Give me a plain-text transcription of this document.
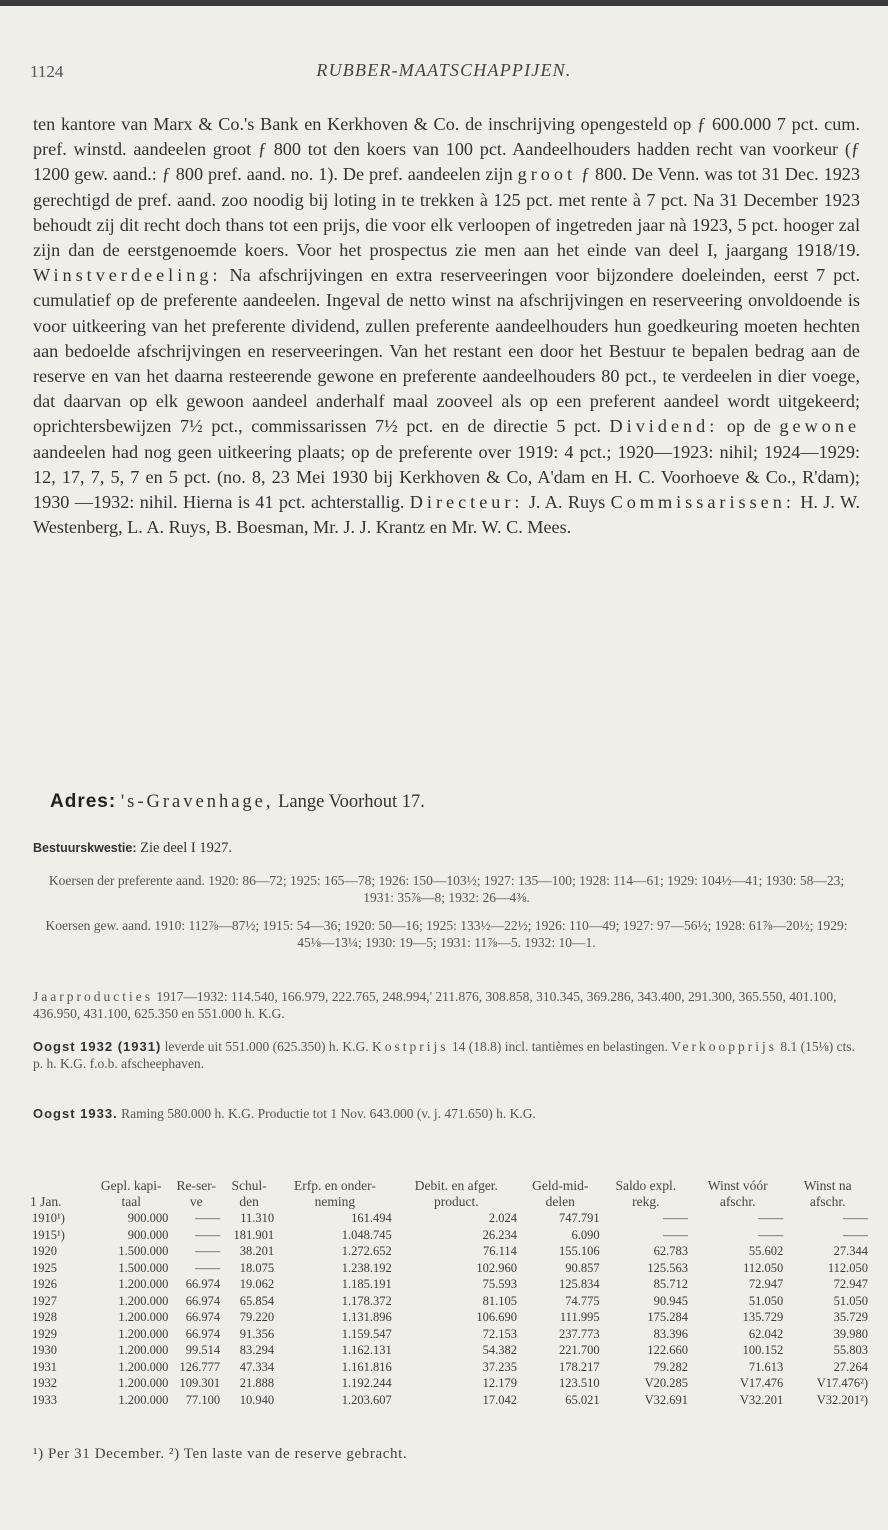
1124	RUBBER-MAATSCHAPPIJEN.

ten kantore van Marx & Co.'s Bank en Kerkhoven & Co. de inschrijving opengesteld op ƒ 600.000 7 pct. cum. pref. winstd. aandeelen groot ƒ 800 tot den koers van 100 pct. Aandeelhouders hadden recht van voorkeur (ƒ 1200 gew. aand.: ƒ 800 pref. aand. no. 1). De pref. aandeelen zijn groot ƒ 800. De Venn. was tot 31 Dec. 1923 gerechtigd de pref. aand. zoo noodig bij loting in te trekken à 125 pct. met rente à 7 pct. Na 31 December 1923 behoudt zij dit recht doch thans tot een prijs, die voor elk verloopen of ingetreden jaar nà 1923, 5 pct. hooger zal zijn dan de eerstgenoemde koers. Voor het prospectus zie men aan het einde van deel I, jaargang 1918/19. Winstverdeeling: Na afschrijvingen en extra reserveeringen voor bijzondere doeleinden, eerst 7 pct. cumulatief op de preferente aandeelen. Ingeval de netto winst na afschrijvingen en reserveering onvoldoende is voor uitkeering van het preferente dividend, zullen preferente aandeelhouders hun goedkeuring moeten hechten aan bedoelde afschrijvingen en reserveeringen. Van het restant een door het Bestuur te bepalen bedrag aan de reserve en van het daarna resteerende gewone en preferente aandeelhouders 80 pct., te verdeelen in dier voege, dat daarvan op elk gewoon aandeel anderhalf maal zooveel als op een preferent aandeel wordt uitgekeerd; oprichtersbewijzen 7½ pct., commissarissen 7½ pct. en de directie 5 pct. Dividend: op de gewone aandeelen had nog geen uitkeering plaats; op de preferente over 1919: 4 pct.; 1920—1923: nihil; 1924—1929: 12, 17, 7, 5, 7 en 5 pct. (no. 8, 23 Mei 1930 bij Kerkhoven & Co, A'dam en H. C. Voorhoeve & Co., R'dam); 1930 —1932: nihil. Hierna is 41 pct. achterstallig. Directeur: J. A. Ruys Commissarissen: H. J. W. Westenberg, L. A. Ruys, B. Boesman, Mr. J. J. Krantz en Mr. W. C. Mees.

Adres: 's-Gravenhage, Lange Voorhout 17.
Bestuurskwestie: Zie deel I 1927.
Koersen der preferente aand. 1920: 86—72; 1925: 165—78; 1926: 150—103½; 1927: 135—100; 1928: 114—61; 1929: 104½—41; 1930: 58—23; 1931: 35⅞—8; 1932: 26—4⅜.
Koersen gew. aand. 1910: 112⅞—87½; 1915: 54—36; 1920: 50—16; 1925: 133½—22½; 1926: 110—49; 1927: 97—56½; 1928: 61⅞—20½; 1929: 45⅛—13¼; 1930: 19—5; 1931: 11⅞—5. 1932: 10—1.
Jaarproducties 1917—1932: 114.540, 166.979, 222.765, 248.994,' 211.876, 308.858, 310.345, 369.286, 343.400, 291.300, 365.550, 401.100, 436.950, 431.100, 625.350 en 551.000 h. K.G.
Oogst 1932 (1931) leverde uit 551.000 (625.350) h. K.G. Kostprijs 14 (18.8) incl. tantièmes en belastingen. Verkoopprijs 8.1 (15⅛) cts. p. h. K.G. f.o.b. afscheephaven.
Oogst 1933. Raming 580.000 h. K.G. Productie tot 1 Nov. 643.000 (v. j. 471.650) h. K.G.
1 Jan.	Gepl. kapi-taal	Re-ser-ve	Schul-den	Erfp. en onder-neming	Debit. en afger. product.	Geld-mid-delen	Saldo expl. rekg.	Winst vóór afschr.	Winst na afschr.
1910¹)	900.000	——	11.310	161.494	2.024	747.791	——	——	——
1915¹)	900.000	——	181.901	1.048.745	26.234	6.090	——	——	——
1920	1.500.000	——	38.201	1.272.652	76.114	155.106	62.783	55.602	27.344
1925	1.500.000	——	18.075	1.238.192	102.960	90.857	125.563	112.050	112.050
1926	1.200.000	66.974	19.062	1.185.191	75.593	125.834	85.712	72.947	72.947
1927	1.200.000	66.974	65.854	1.178.372	81.105	74.775	90.945	51.050	51.050
1928	1.200.000	66.974	79.220	1.131.896	106.690	111.995	175.284	135.729	35.729
1929	1.200.000	66.974	91.356	1.159.547	72.153	237.773	83.396	62.042	39.980
1930	1.200.000	99.514	83.294	1.162.131	54.382	221.700	122.660	100.152	55.803
1931	1.200.000	126.777	47.334	1.161.816	37.235	178.217	79.282	71.613	27.264
1932	1.200.000	109.301	21.888	1.192.244	12.179	123.510	V20.285	V17.476	V17.476²)
1933	1.200.000	77.100	10.940	1.203.607	17.042	65.021	V32.691	V32.201	V32.201²)
¹) Per 31 December. ²) Ten laste van de reserve gebracht.
